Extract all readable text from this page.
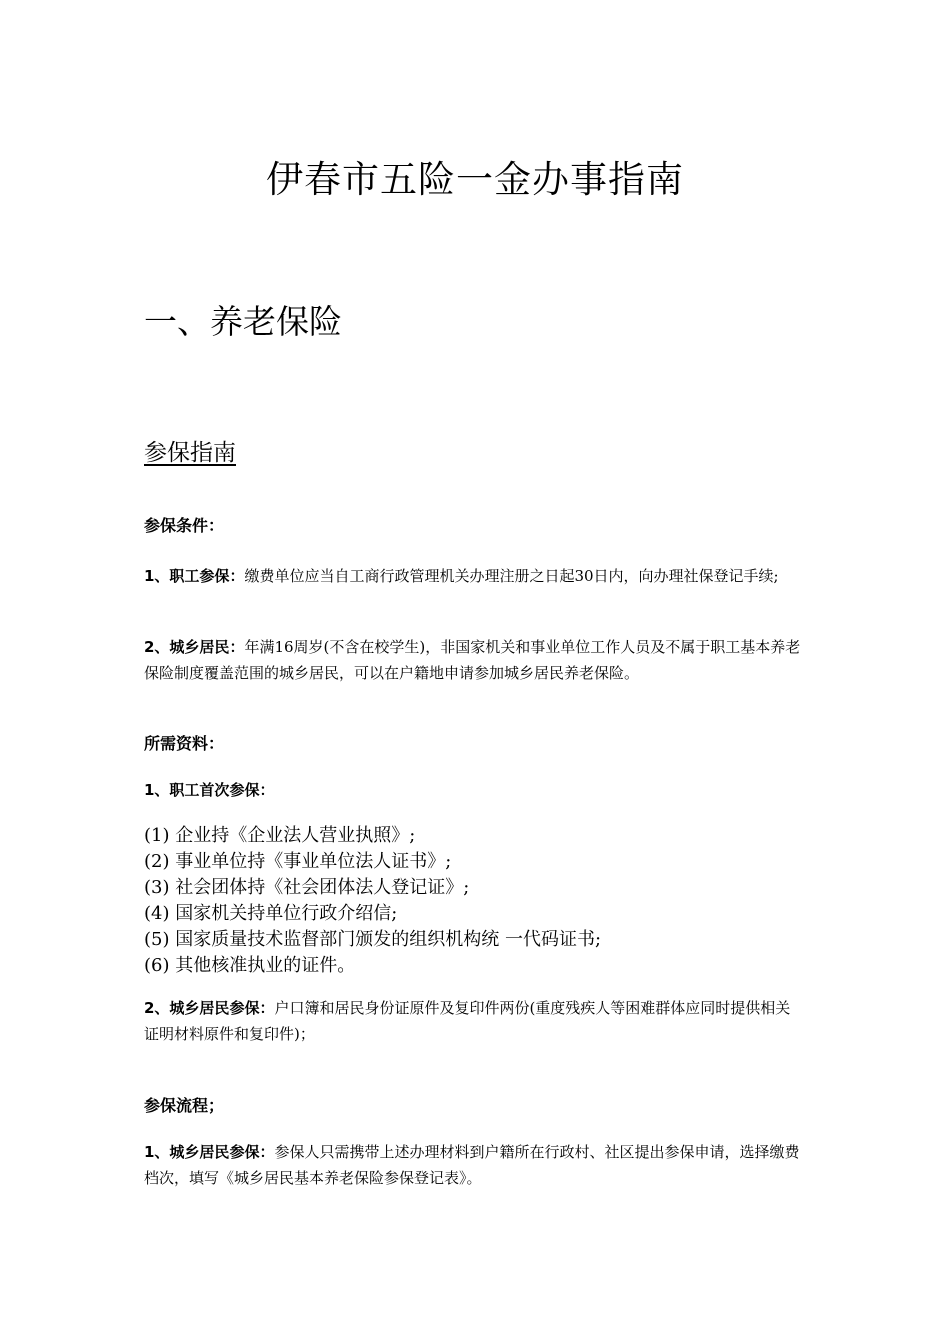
伊春市五险一金办事指南
一、养老保险
参保指南
参保条件：
1、职工参保：缴费单位应当自工商行政管理机关办理注册之日起30日内，向办理社保登记手续;
2、城乡居民：年满16周岁(不含在校学生)，非国家机关和事业单位工作人员及不属于职工基本养老保险制度覆盖范围的城乡居民，可以在户籍地申请参加城乡居民养老保险。
所需资料：
1、职工首次参保：
(1) 企业持《企业法人营业执照》;
(2) 事业单位持《事业单位法人证书》;
(3) 社会团体持《社会团体法人登记证》;
(4) 国家机关持单位行政介绍信;
(5) 国家质量技术监督部门颁发的组织机构统 一代码证书;
(6) 其他核准执业的证件。
2、城乡居民参保：户口簿和居民身份证原件及复印件两份(重度残疾人等困难群体应同时提供相关证明材料原件和复印件)；
参保流程；
1、城乡居民参保：参保人只需携带上述办理材料到户籍所在行政村、社区提出参保申请，选择缴费档次，填写《城乡居民基本养老保险参保登记表》。
